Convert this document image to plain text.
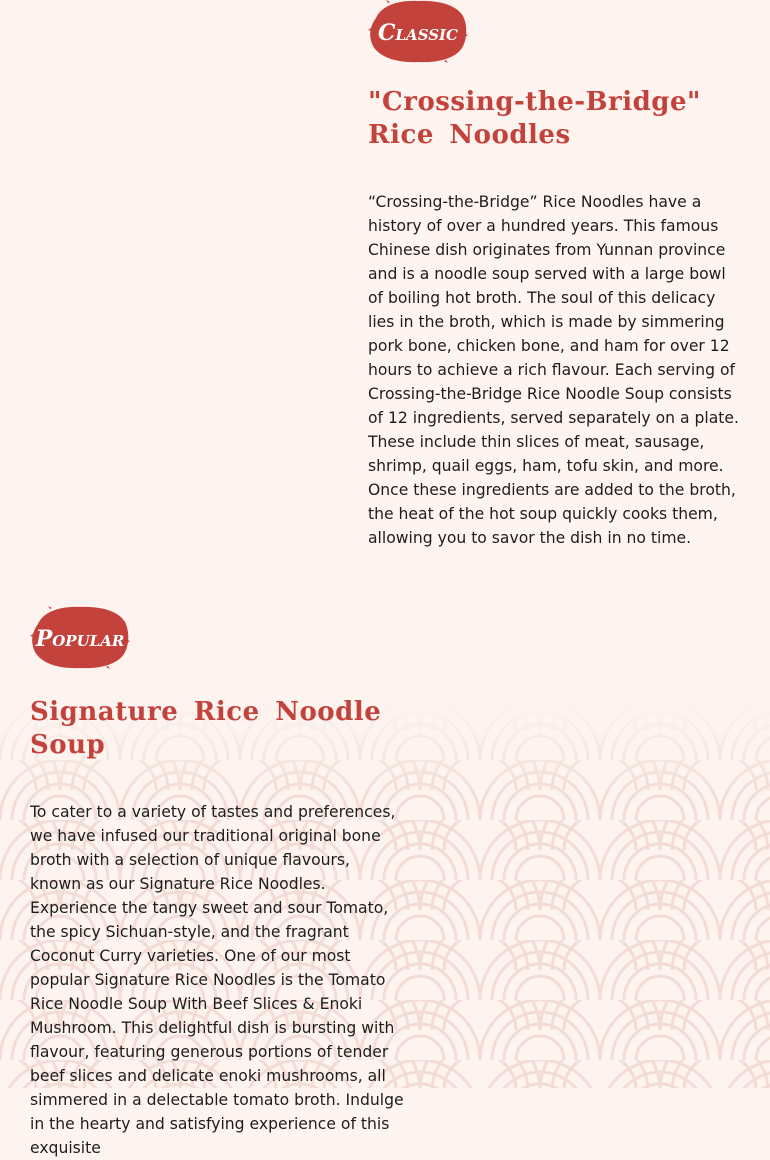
Classic
"Crossing-the-Bridge" Rice Noodles

“Crossing-the-Bridge” Rice Noodles have a history of over a hundred years. This famous Chinese dish originates from Yunnan province and is a noodle soup served with a large bowl of boiling hot broth. The soul of this delicacy lies in the broth, which is made by simmering pork bone, chicken bone, and ham for over 12 hours to achieve a rich flavour. Each serving of Crossing-the-Bridge Rice Noodle Soup consists of 12 ingredients, served separately on a plate. These include thin slices of meat, sausage, shrimp, quail eggs, ham, tofu skin, and more. Once these ingredients are added to the broth, the heat of the hot soup quickly cooks them, allowing you to savor the dish in no time.

Popular
Signature Rice Noodle Soup

To cater to a variety of tastes and preferences, we have infused our traditional original bone broth with a selection of unique flavours, known as our Signature Rice Noodles. Experience the tangy sweet and sour Tomato, the spicy Sichuan-style, and the fragrant Coconut Curry varieties. One of our most popular Signature Rice Noodles is the Tomato Rice Noodle Soup With Beef Slices & Enoki Mushroom. This delightful dish is bursting with flavour, featuring generous portions of tender beef slices and delicate enoki mushrooms, all simmered in a delectable tomato broth. Indulge in the hearty and satisfying experience of this exquisite
